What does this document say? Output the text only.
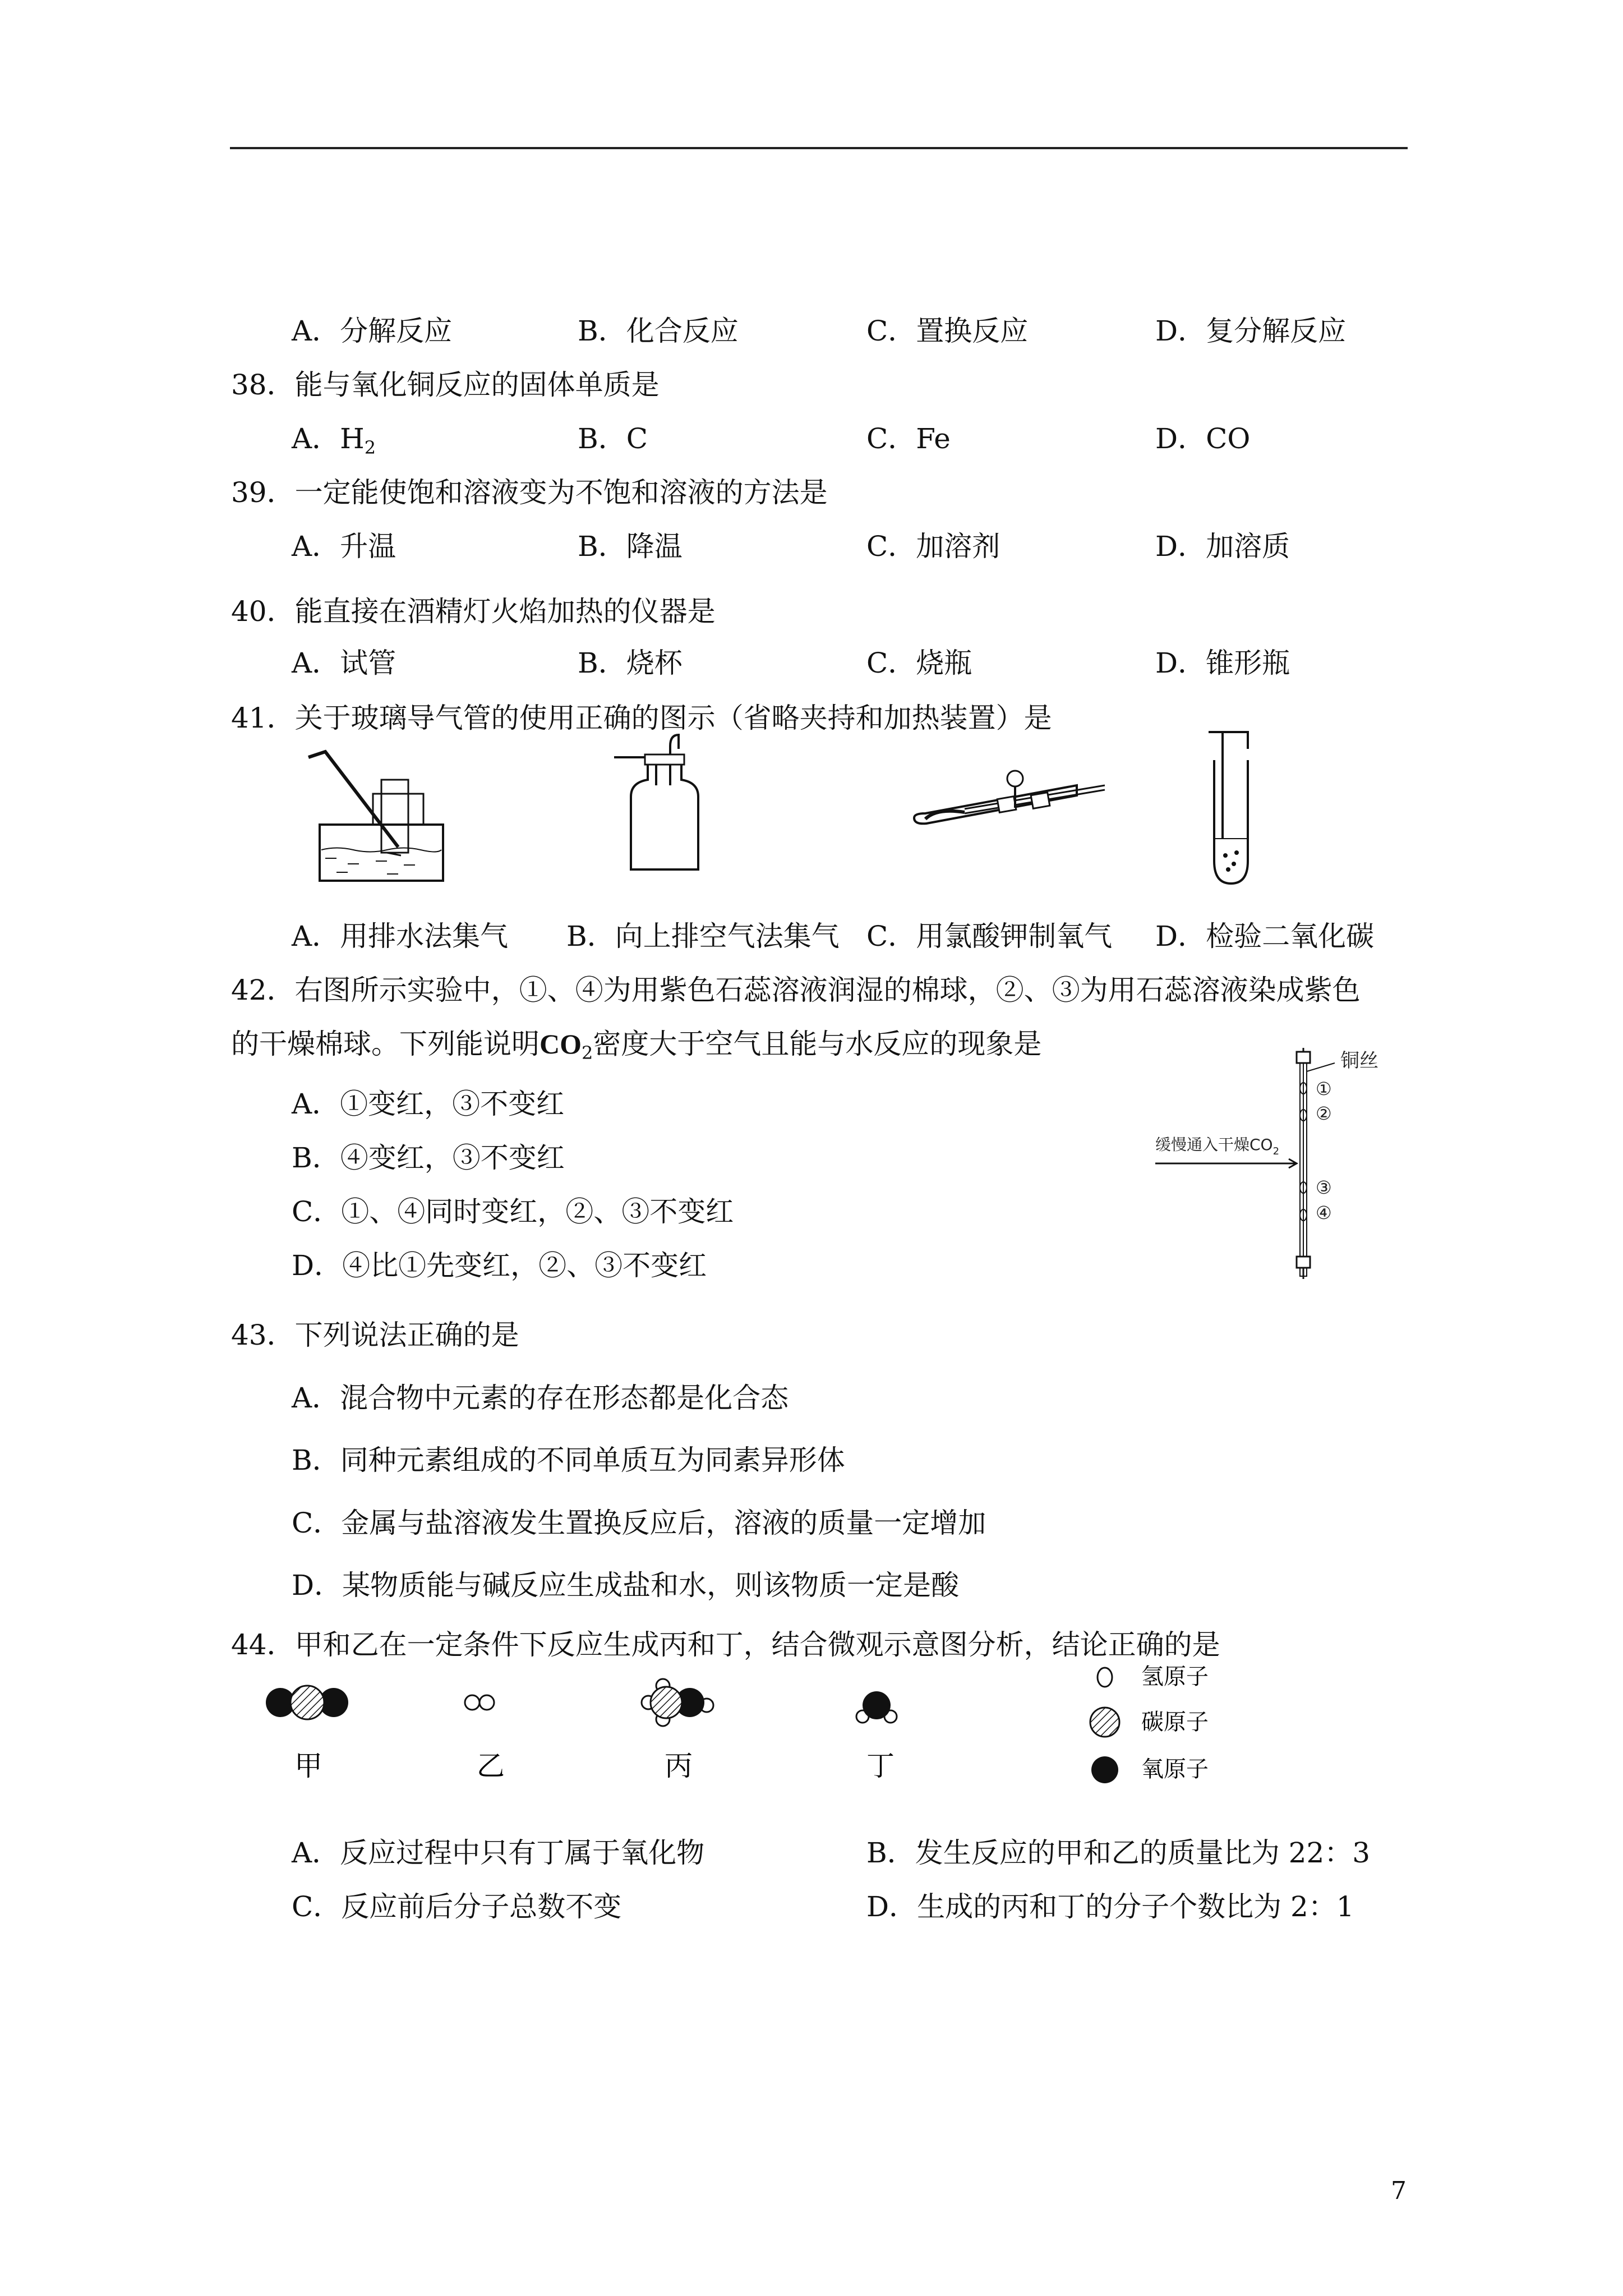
A．分解反应	B．化合反应	C．置换反应	D．复分解反应
38．能与氧化铜反应的固体单质是
A．$H_2$	B．C	C．Fe	D．CO
39．一定能使饱和溶液变为不饱和溶液的方法是
A．升温	B．降温	C．加溶剂	D．加溶质
40．能直接在酒精灯火焰加热的仪器是
A．试管	B．烧杯	C．烧瓶	D．锥形瓶
41．关于玻璃导气管的使用正确的图示（省略夹持和加热装置）是
A．用排水法集气 B．向上排空气法集气 C．用氯酸钾制氧气 D．检验二氧化碳
42．右图所示实验中，①、④为用紫色石蕊溶液润湿的棉球，②、③为用石蕊溶液染成紫色
的干燥棉球。下列能说明$CO_2$密度大于空气且能与水反应的现象是
A．①变红，③不变红
B．④变红，③不变红
C．①、④同时变红，②、③不变红
D．④比①先变红，②、③不变红
铜丝
缓慢通入干燥$CO_2$
①
②
③
④
43．下列说法正确的是
A．混合物中元素的存在形态都是化合态
B．同种元素组成的不同单质互为同素异形体
C．金属与盐溶液发生置换反应后，溶液的质量一定增加
D．某物质能与碱反应生成盐和水，则该物质一定是酸
44．甲和乙在一定条件下反应生成丙和丁，结合微观示意图分析，结论正确的是
甲	乙	丙	丁
氢原子
碳原子
氧原子
A．反应过程中只有丁属于氧化物	B．发生反应的甲和乙的质量比为 22：3
C．反应前后分子总数不变	D．生成的丙和丁的分子个数比为 2：1
7
